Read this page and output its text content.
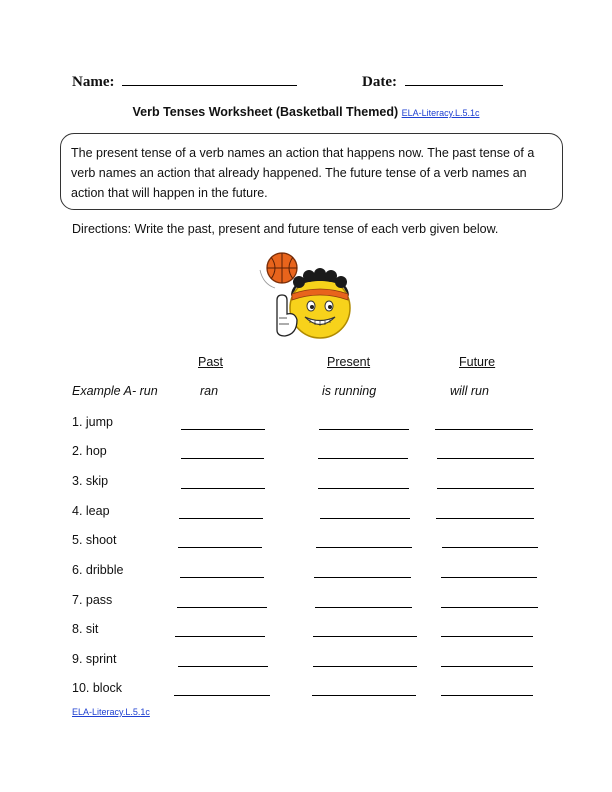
Name:	Date:
Verb Tenses Worksheet (Basketball Themed) ELA-Literacy.L.5.1c
The present tense of a verb names an action that happens now. The past tense of a verb names an action that already happened. The future tense of a verb names an action that will happen in the future.
Directions: Write the past, present and future tense of each verb given below.
Past	Present	Future
Example A- run	ran	is running	will run
1. jump
2. hop
3. skip
4. leap
5. shoot
6. dribble
7. pass
8. sit
9. sprint
10. block
ELA-Literacy.L.5.1c
